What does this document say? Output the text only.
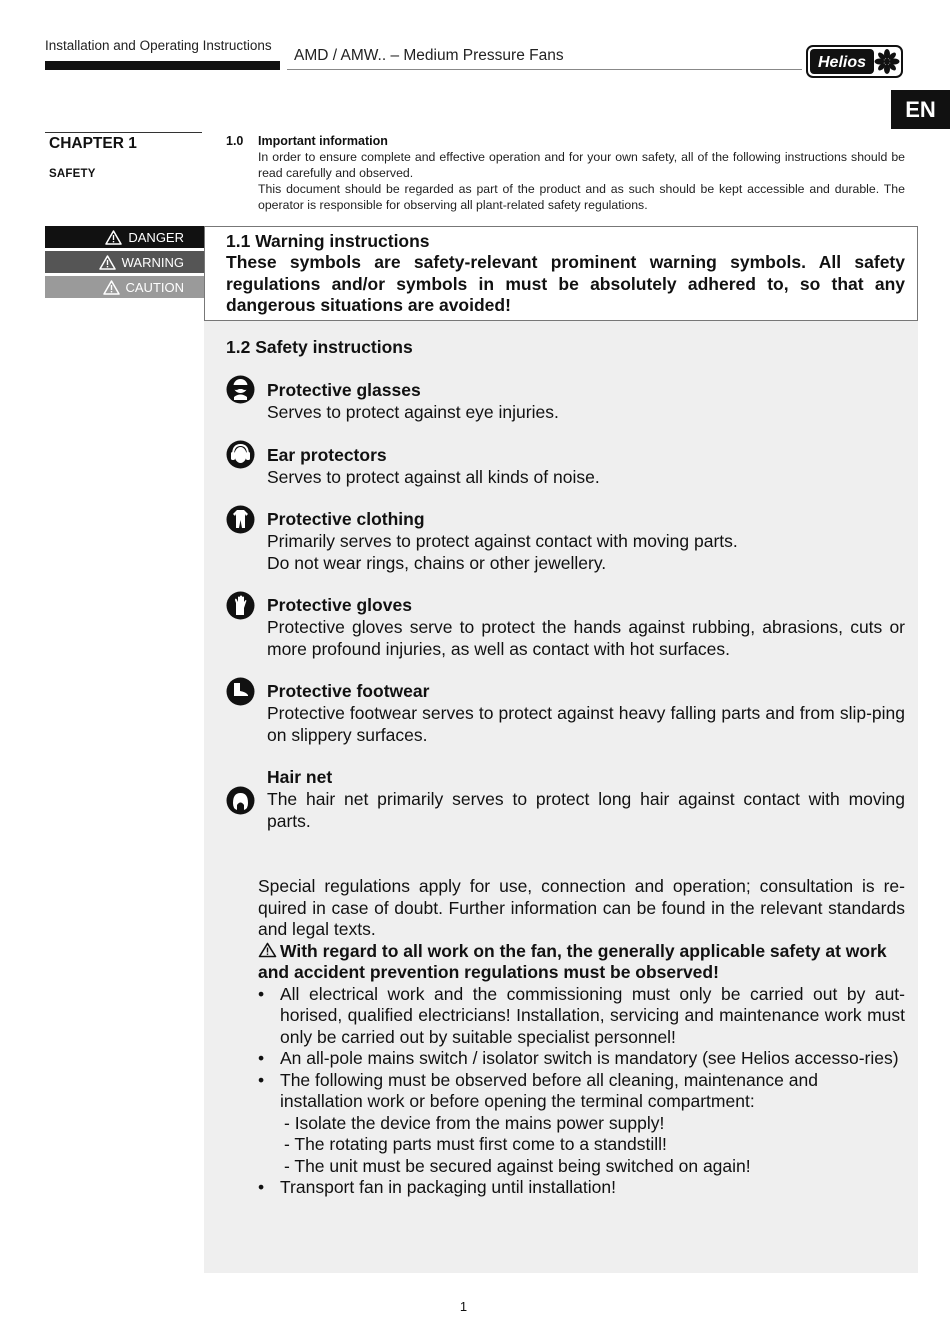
Installation and Operating Instructions
AMD / AMW.. – Medium Pressure Fans	Helios
EN
CHAPTER 1
SAFETY
1.0 Important information

In order to ensure complete and effective operation and for your own safety, all of the following instructions should be read carefully and observed.

This document should be regarded as part of the product and as such should be kept accessible and durable. The operator is responsible for observing all plant-related safety regulations.

DANGER
WARNING
CAUTION
1.1 Warning instructions
These symbols are safety-relevant prominent warning symbols. All safety regulations and/or symbols in must be absolutely adhered to, so that any dangerous situations are avoided!
1.2 Safety instructions
Protective glasses

Serves to protect against eye injuries.

Ear protectors

Serves to protect against all kinds of noise.

Protective clothing

Primarily serves to protect against contact with moving parts.

Do not wear rings, chains or other jewellery.

Protective gloves

Protective gloves serve to protect the hands against rubbing, abrasions, cuts or more profound injuries, as well as contact with hot surfaces.

Protective footwear

Protective footwear serves to protect against heavy falling parts and from slip-ping on slippery surfaces.

Hair net

The hair net primarily serves to protect long hair against contact with moving parts.

Special regulations apply for use, connection and operation; consultation is re-quired in case of doubt. Further information can be found in the relevant standards and legal texts.

With regard to all work on the fan, the generally applicable safety at work and accident prevention regulations must be observed!

• All electrical work and the commissioning must only be carried out by aut-horised, qualified electricians! Installation, servicing and maintenance work must only be carried out by suitable specialist personnel!
• An all-pole mains switch / isolator switch is mandatory (see Helios accesso-ries)
• The following must be observed before all cleaning, maintenance and installation work or before opening the terminal compartment:
- Isolate the device from the mains power supply!
- The rotating parts must first come to a standstill!
- The unit must be secured against being switched on again!
• Transport fan in packaging until installation!
1
